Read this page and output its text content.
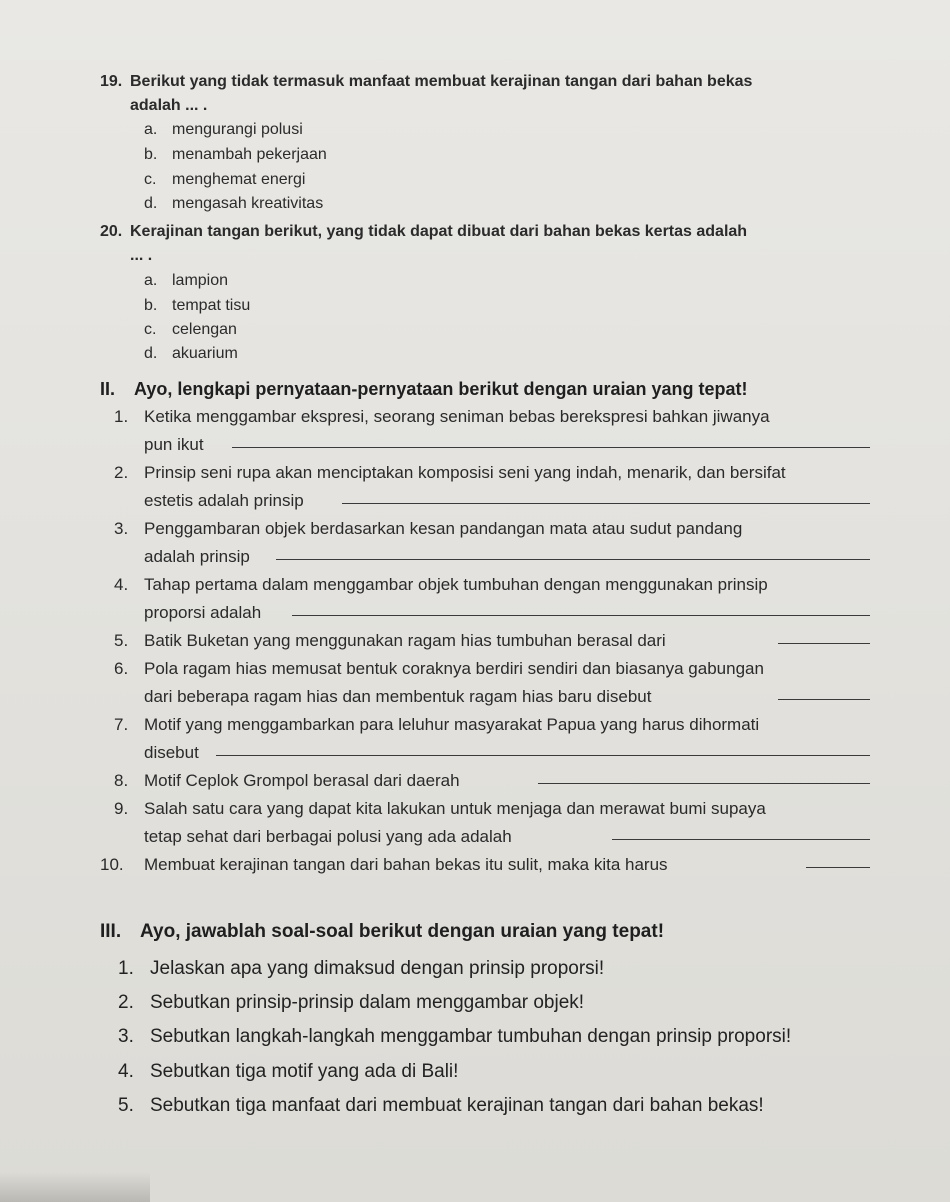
19. Berikut yang tidak termasuk manfaat membuat kerajinan tangan dari bahan bekas
adalah ... .
a. mengurangi polusi
b. menambah pekerjaan
c. menghemat energi
d. mengasah kreativitas
20. Kerajinan tangan berikut, yang tidak dapat dibuat dari bahan bekas kertas adalah
... .
a. lampion
b. tempat tisu
c. celengan
d. akuarium
II. Ayo, lengkapi pernyataan-pernyataan berikut dengan uraian yang tepat!
1. Ketika menggambar ekspresi, seorang seniman bebas berekspresi bahkan jiwanya
pun ikut
2. Prinsip seni rupa akan menciptakan komposisi seni yang indah, menarik, dan bersifat
estetis adalah prinsip
3. Penggambaran objek berdasarkan kesan pandangan mata atau sudut pandang
adalah prinsip
4. Tahap pertama dalam menggambar objek tumbuhan dengan menggunakan prinsip
proporsi adalah
5. Batik Buketan yang menggunakan ragam hias tumbuhan berasal dari
6. Pola ragam hias memusat bentuk coraknya berdiri sendiri dan biasanya gabungan
dari beberapa ragam hias dan membentuk ragam hias baru disebut
7. Motif yang menggambarkan para leluhur masyarakat Papua yang harus dihormati
disebut
8. Motif Ceplok Grompol berasal dari daerah
9. Salah satu cara yang dapat kita lakukan untuk menjaga dan merawat bumi supaya
tetap sehat dari berbagai polusi yang ada adalah
10. Membuat kerajinan tangan dari bahan bekas itu sulit, maka kita harus
III. Ayo, jawablah soal-soal berikut dengan uraian yang tepat!
1. Jelaskan apa yang dimaksud dengan prinsip proporsi!
2. Sebutkan prinsip-prinsip dalam menggambar objek!
3. Sebutkan langkah-langkah menggambar tumbuhan dengan prinsip proporsi!
4. Sebutkan tiga motif yang ada di Bali!
5. Sebutkan tiga manfaat dari membuat kerajinan tangan dari bahan bekas!
